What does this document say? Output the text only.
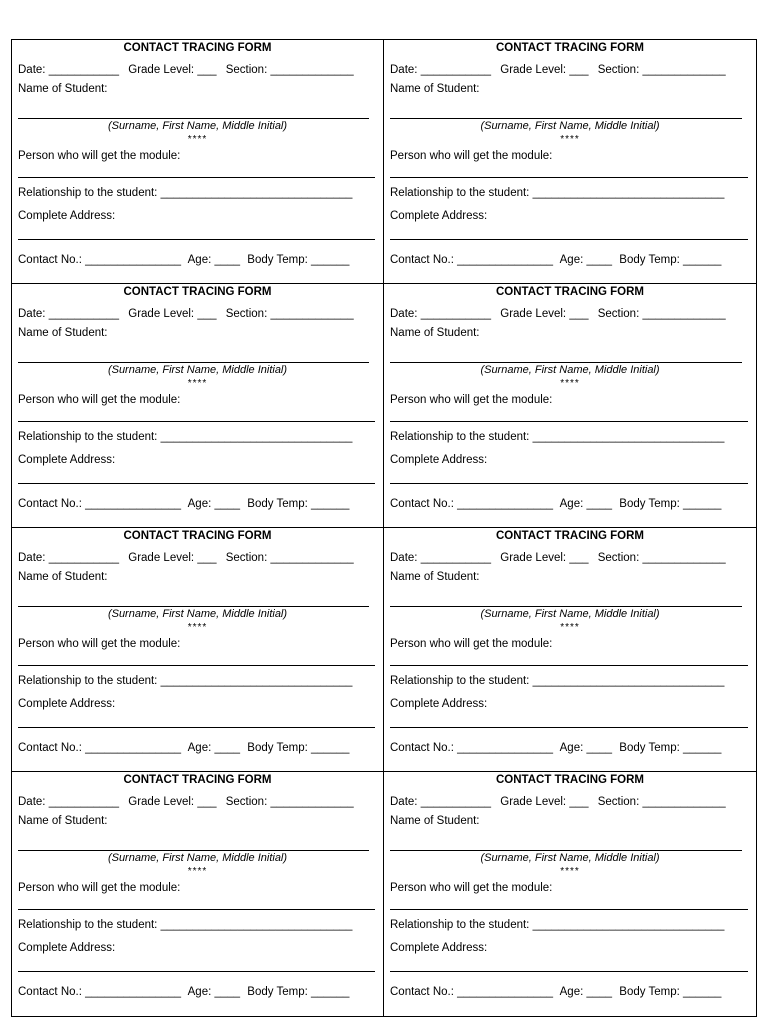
CONTACT TRACING FORM
Date: ___________ Grade Level: ___ Section: _____________
Name of Student:
(Surname, First Name, Middle Initial)
****
Person who will get the module:
Relationship to the student: ______________________________
Complete Address:
Contact No.: _______________ Age: ____ Body Temp: ______
CONTACT TRACING FORM
Date: ___________ Grade Level: ___ Section: _____________
Name of Student:
(Surname, First Name, Middle Initial)
****
Person who will get the module:
Relationship to the student: ______________________________
Complete Address:
Contact No.: _______________ Age: ____ Body Temp: ______
CONTACT TRACING FORM
Date: ___________ Grade Level: ___ Section: _____________
Name of Student:
(Surname, First Name, Middle Initial)
****
Person who will get the module:
Relationship to the student: ______________________________
Complete Address:
Contact No.: _______________ Age: ____ Body Temp: ______
CONTACT TRACING FORM
Date: ___________ Grade Level: ___ Section: _____________
Name of Student:
(Surname, First Name, Middle Initial)
****
Person who will get the module:
Relationship to the student: ______________________________
Complete Address:
Contact No.: _______________ Age: ____ Body Temp: ______
CONTACT TRACING FORM
Date: ___________ Grade Level: ___ Section: _____________
Name of Student:
(Surname, First Name, Middle Initial)
****
Person who will get the module:
Relationship to the student: ______________________________
Complete Address:
Contact No.: _______________ Age: ____ Body Temp: ______
CONTACT TRACING FORM
Date: ___________ Grade Level: ___ Section: _____________
Name of Student:
(Surname, First Name, Middle Initial)
****
Person who will get the module:
Relationship to the student: ______________________________
Complete Address:
Contact No.: _______________ Age: ____ Body Temp: ______
CONTACT TRACING FORM
Date: ___________ Grade Level: ___ Section: _____________
Name of Student:
(Surname, First Name, Middle Initial)
****
Person who will get the module:
Relationship to the student: ______________________________
Complete Address:
Contact No.: _______________ Age: ____ Body Temp: ______
CONTACT TRACING FORM
Date: ___________ Grade Level: ___ Section: _____________
Name of Student:
(Surname, First Name, Middle Initial)
****
Person who will get the module:
Relationship to the student: ______________________________
Complete Address:
Contact No.: _______________ Age: ____ Body Temp: ______
